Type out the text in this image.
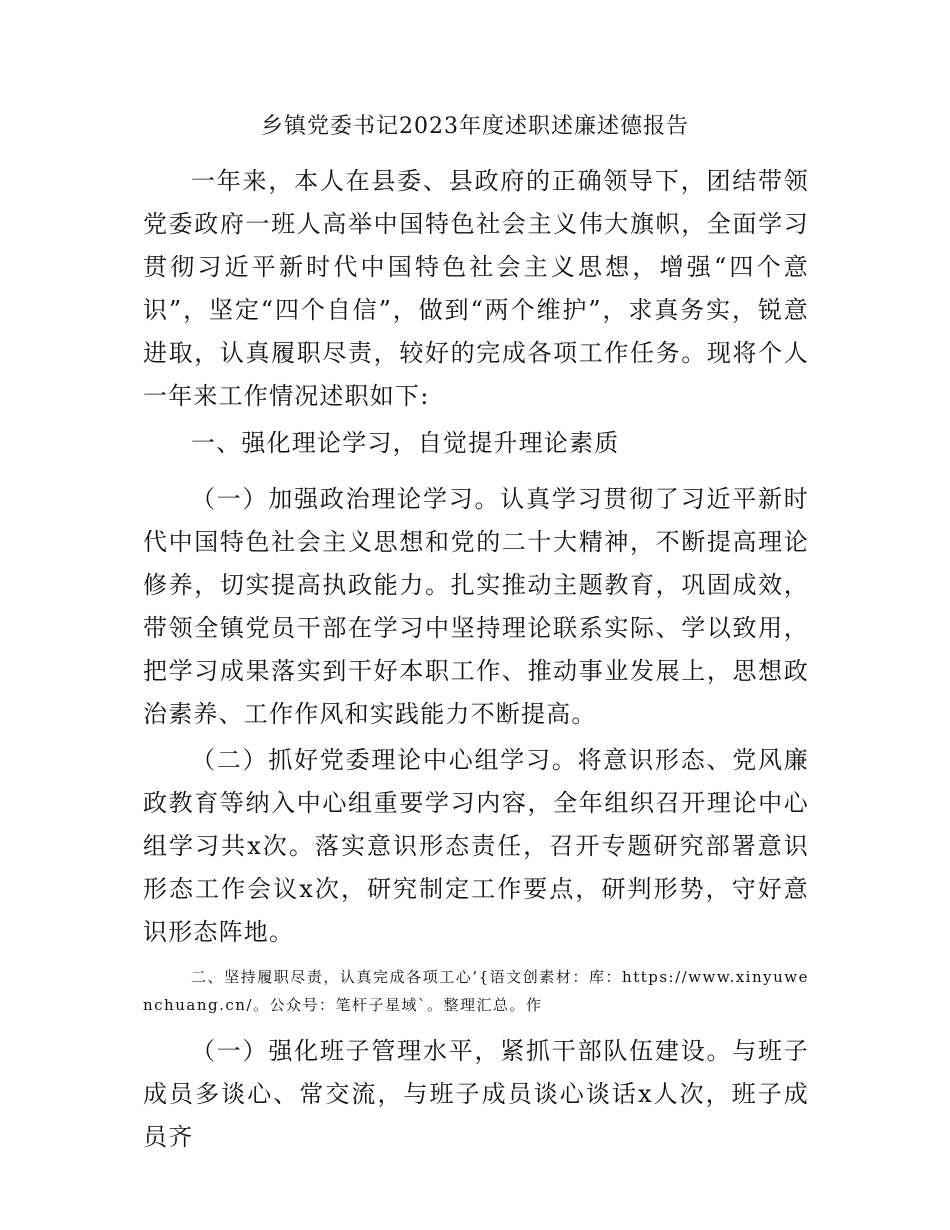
乡镇党委书记2023年度述职述廉述德报告

一年来，本人在县委、县政府的正确领导下，团结带领党委政府一班人高举中国特色社会主义伟大旗帜，全面学习贯彻习近平新时代中国特色社会主义思想，增强“四个意识”，坚定“四个自信”，做到“两个维护”，求真务实，锐意进取，认真履职尽责，较好的完成各项工作任务。现将个人一年来工作情况述职如下:

一、强化理论学习，自觉提升理论素质

（一）加强政治理论学习。认真学习贯彻了习近平新时代中国特色社会主义思想和党的二十大精神，不断提高理论修养，切实提高执政能力。扎实推动主题教育，巩固成效，带领全镇党员干部在学习中坚持理论联系实际、学以致用，把学习成果落实到干好本职工作、推动事业发展上，思想政治素养、工作作风和实践能力不断提高。

（二）抓好党委理论中心组学习。将意识形态、党风廉政教育等纳入中心组重要学习内容，全年组织召开理论中心组学习共x次。落实意识形态责任，召开专题研究部署意识形态工作会议x次，研究制定工作要点，研判形势，守好意识形态阵地。

二、坚持履职尽责，认真完成各项工心’{语文创素材：库：https://www.xinyuwenchuang.cn/。公众号：笔杆子星域`。整理汇总。作

（一）强化班子管理水平，紧抓干部队伍建设。与班子成员多谈心、常交流，与班子成员谈心谈话x人次，班子成员齐
